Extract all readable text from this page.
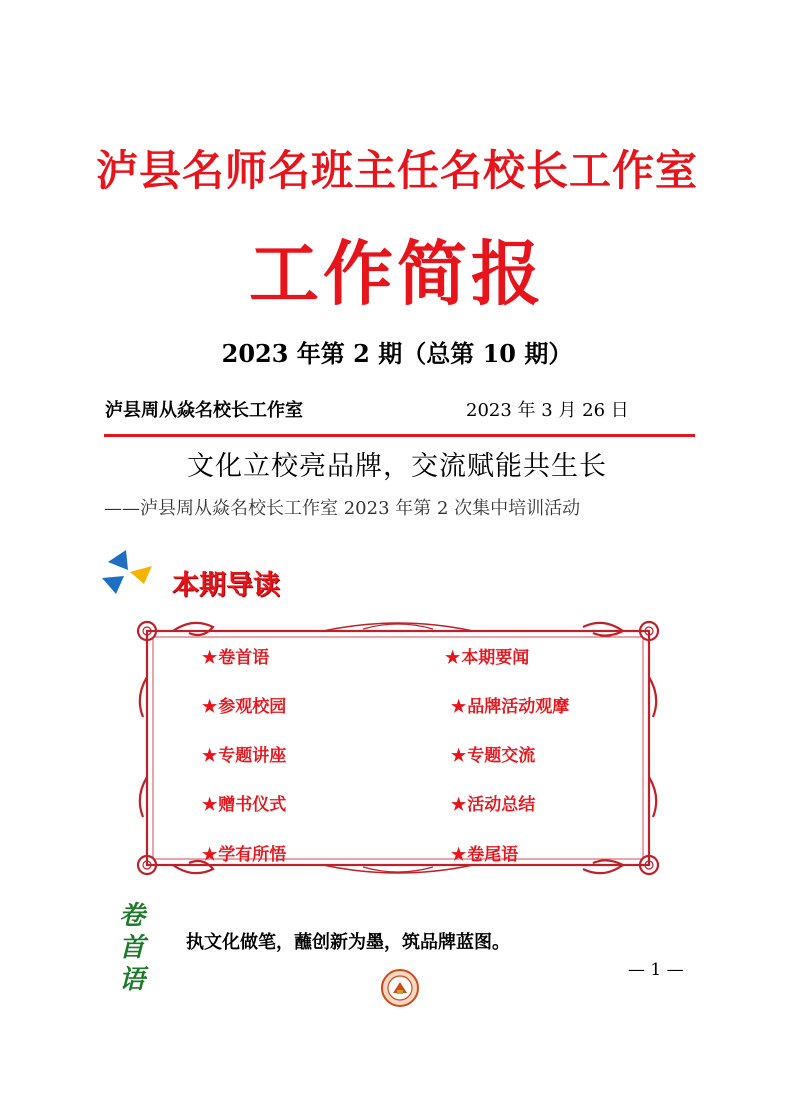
泸县名师名班主任名校长工作室
工作简报
2023 年第 2 期（总第 10 期）
泸县周从焱名校长工作室	2023 年 3 月 26 日
文化立校亮品牌，交流赋能共生长
——泸县周从焱名校长工作室 2023 年第 2 次集中培训活动
本期导读
★卷首语
★参观校园
★专题讲座
★赠书仪式
★学有所悟
★本期要闻
★品牌活动观摩
★专题交流
★活动总结
★卷尾语
卷
首
语
执文化做笔，蘸创新为墨，筑品牌蓝图。
— 1 —
